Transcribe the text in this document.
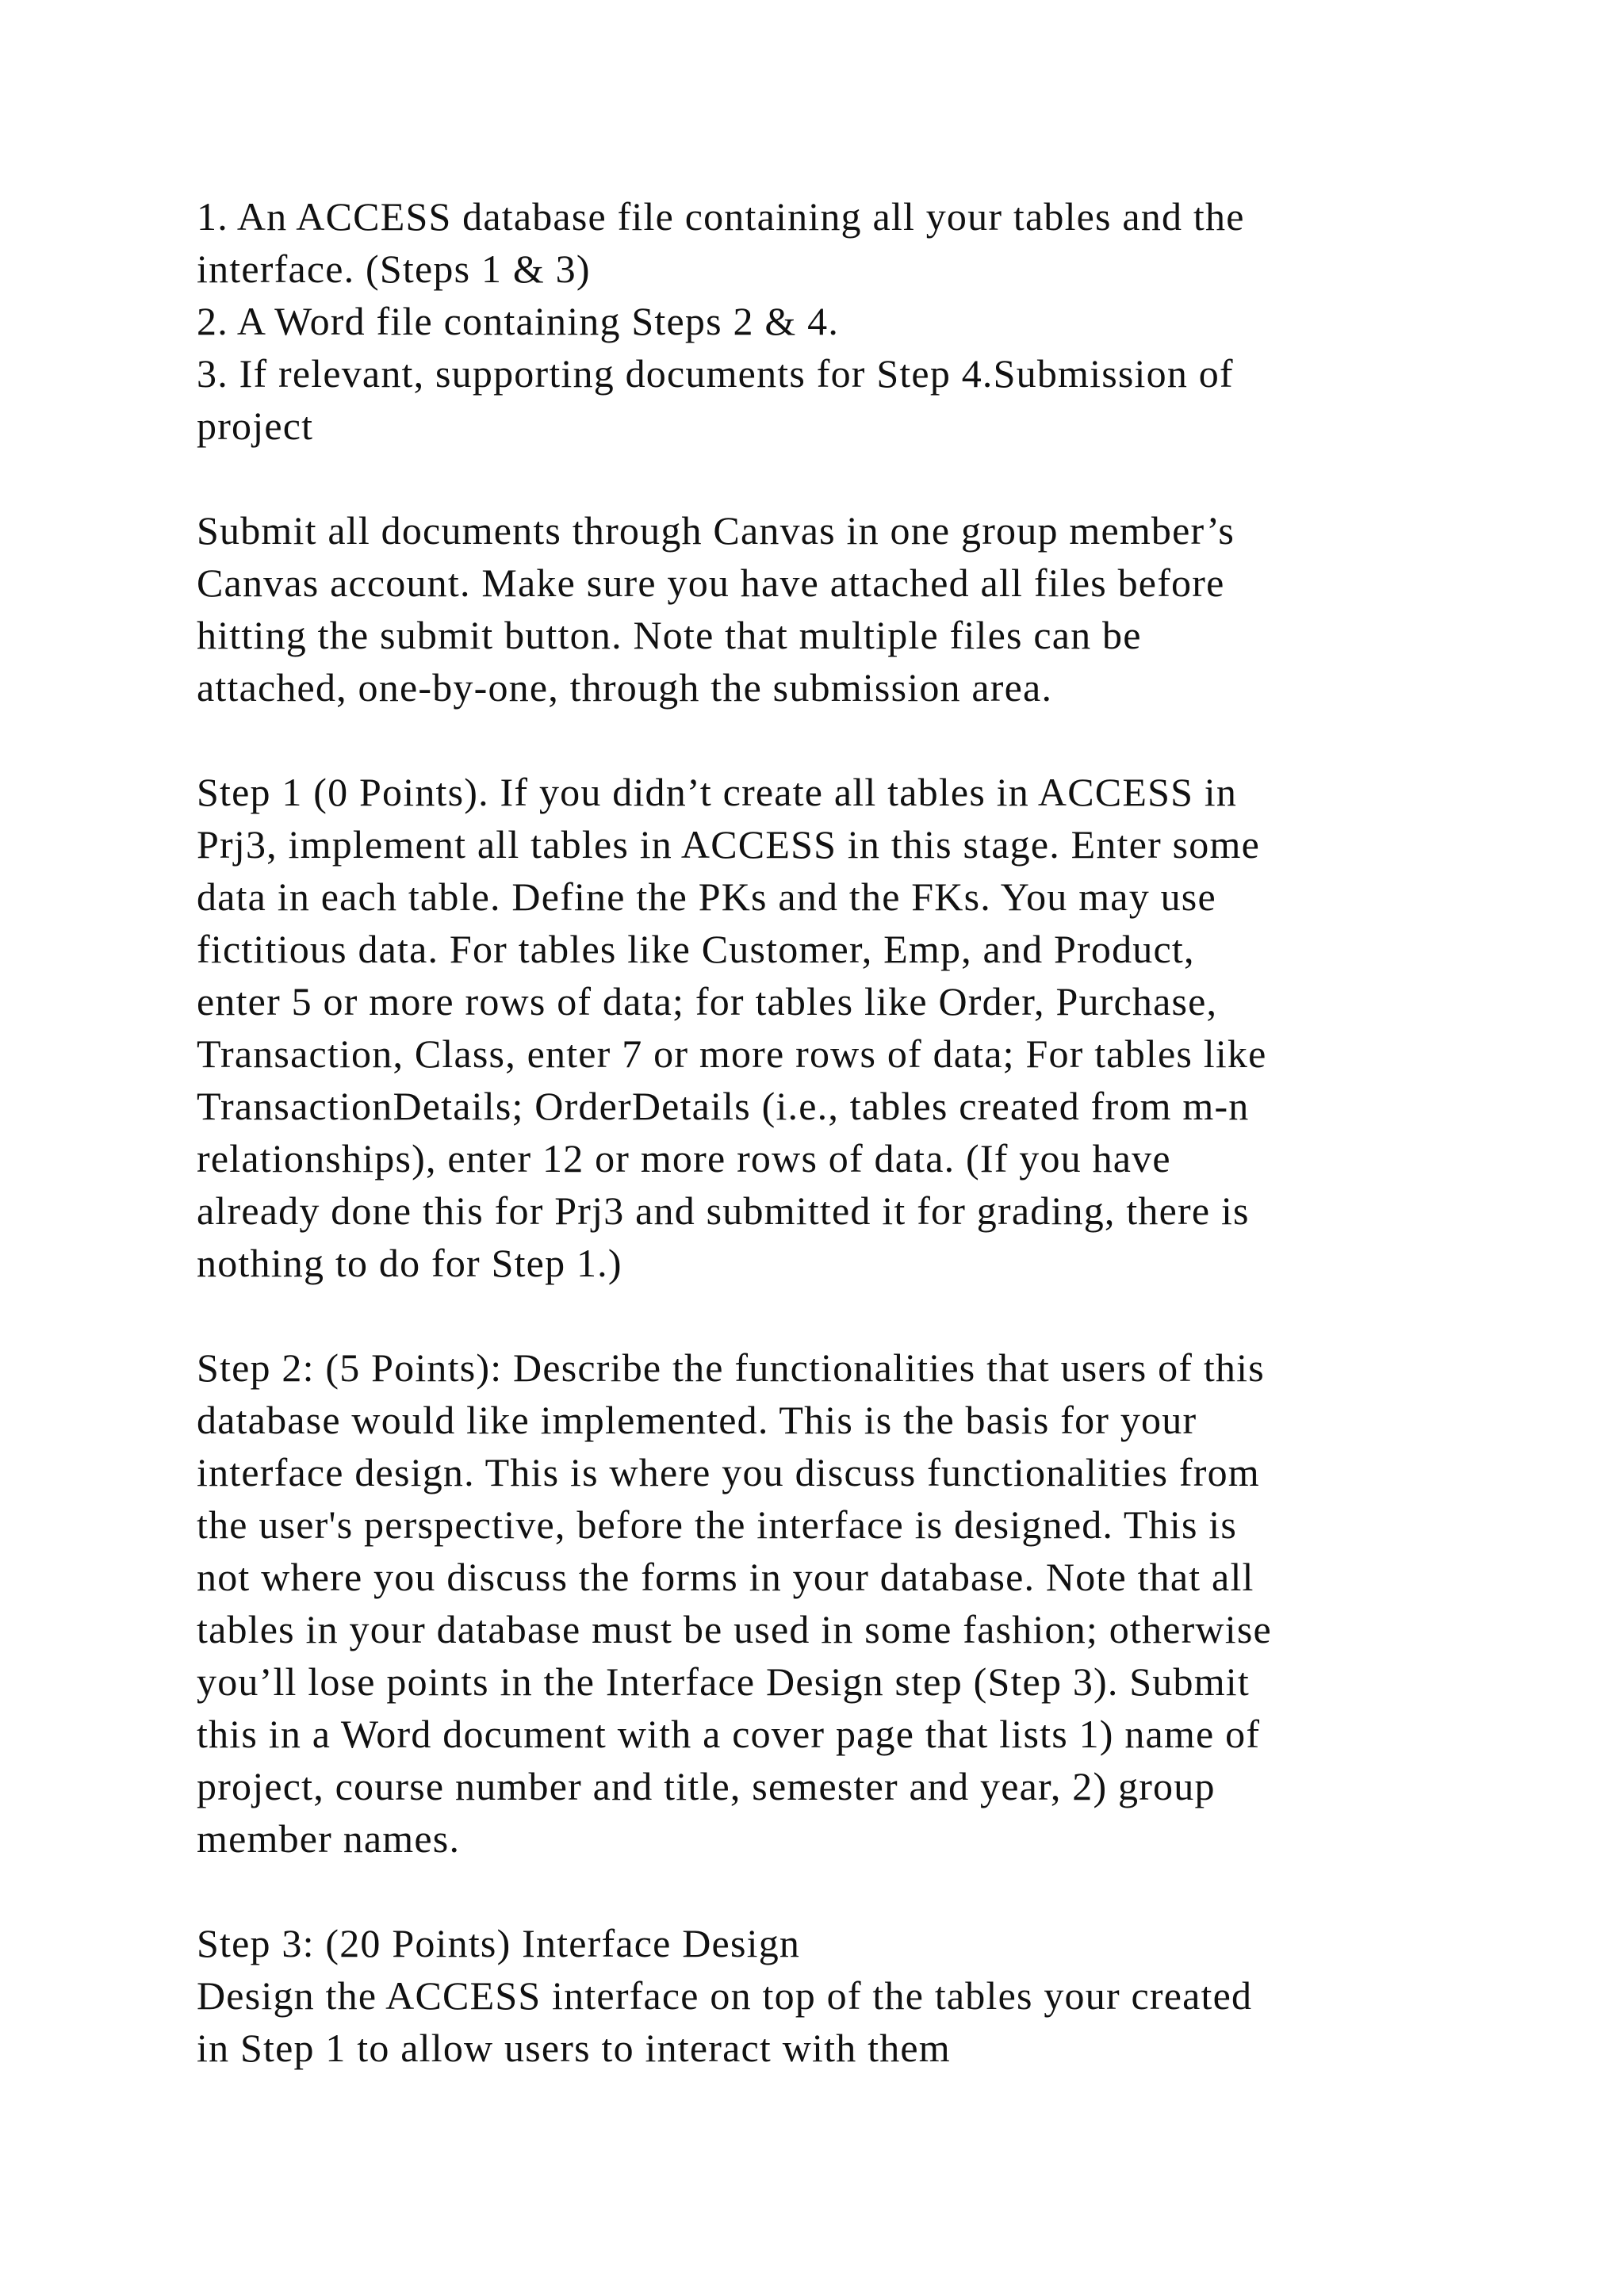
1. An ACCESS database file containing all your tables and the
interface. (Steps 1 & 3)
2. A Word file containing Steps 2 & 4.
3. If relevant, supporting documents for Step 4.Submission of
project
Submit all documents through Canvas in one group member’s
Canvas account. Make sure you have attached all files before
hitting the submit button. Note that multiple files can be
attached, one-by-one, through the submission area.
Step 1 (0 Points). If you didn’t create all tables in ACCESS in
Prj3, implement all tables in ACCESS in this stage. Enter some
data in each table. Define the PKs and the FKs. You may use
fictitious data. For tables like Customer, Emp, and Product,
enter 5 or more rows of data; for tables like Order, Purchase,
Transaction, Class, enter 7 or more rows of data; For tables like
TransactionDetails; OrderDetails (i.e., tables created from m-n
relationships), enter 12 or more rows of data. (If you have
already done this for Prj3 and submitted it for grading, there is
nothing to do for Step 1.)
Step 2: (5 Points): Describe the functionalities that users of this
database would like implemented. This is the basis for your
interface design. This is where you discuss functionalities from
the user's perspective, before the interface is designed. This is
not where you discuss the forms in your database. Note that all
tables in your database must be used in some fashion; otherwise
you’ll lose points in the Interface Design step (Step 3). Submit
this in a Word document with a cover page that lists 1) name of
project, course number and title, semester and year, 2) group
member names.
Step 3: (20 Points) Interface Design
Design the ACCESS interface on top of the tables your created
in Step 1 to allow users to interact with them
